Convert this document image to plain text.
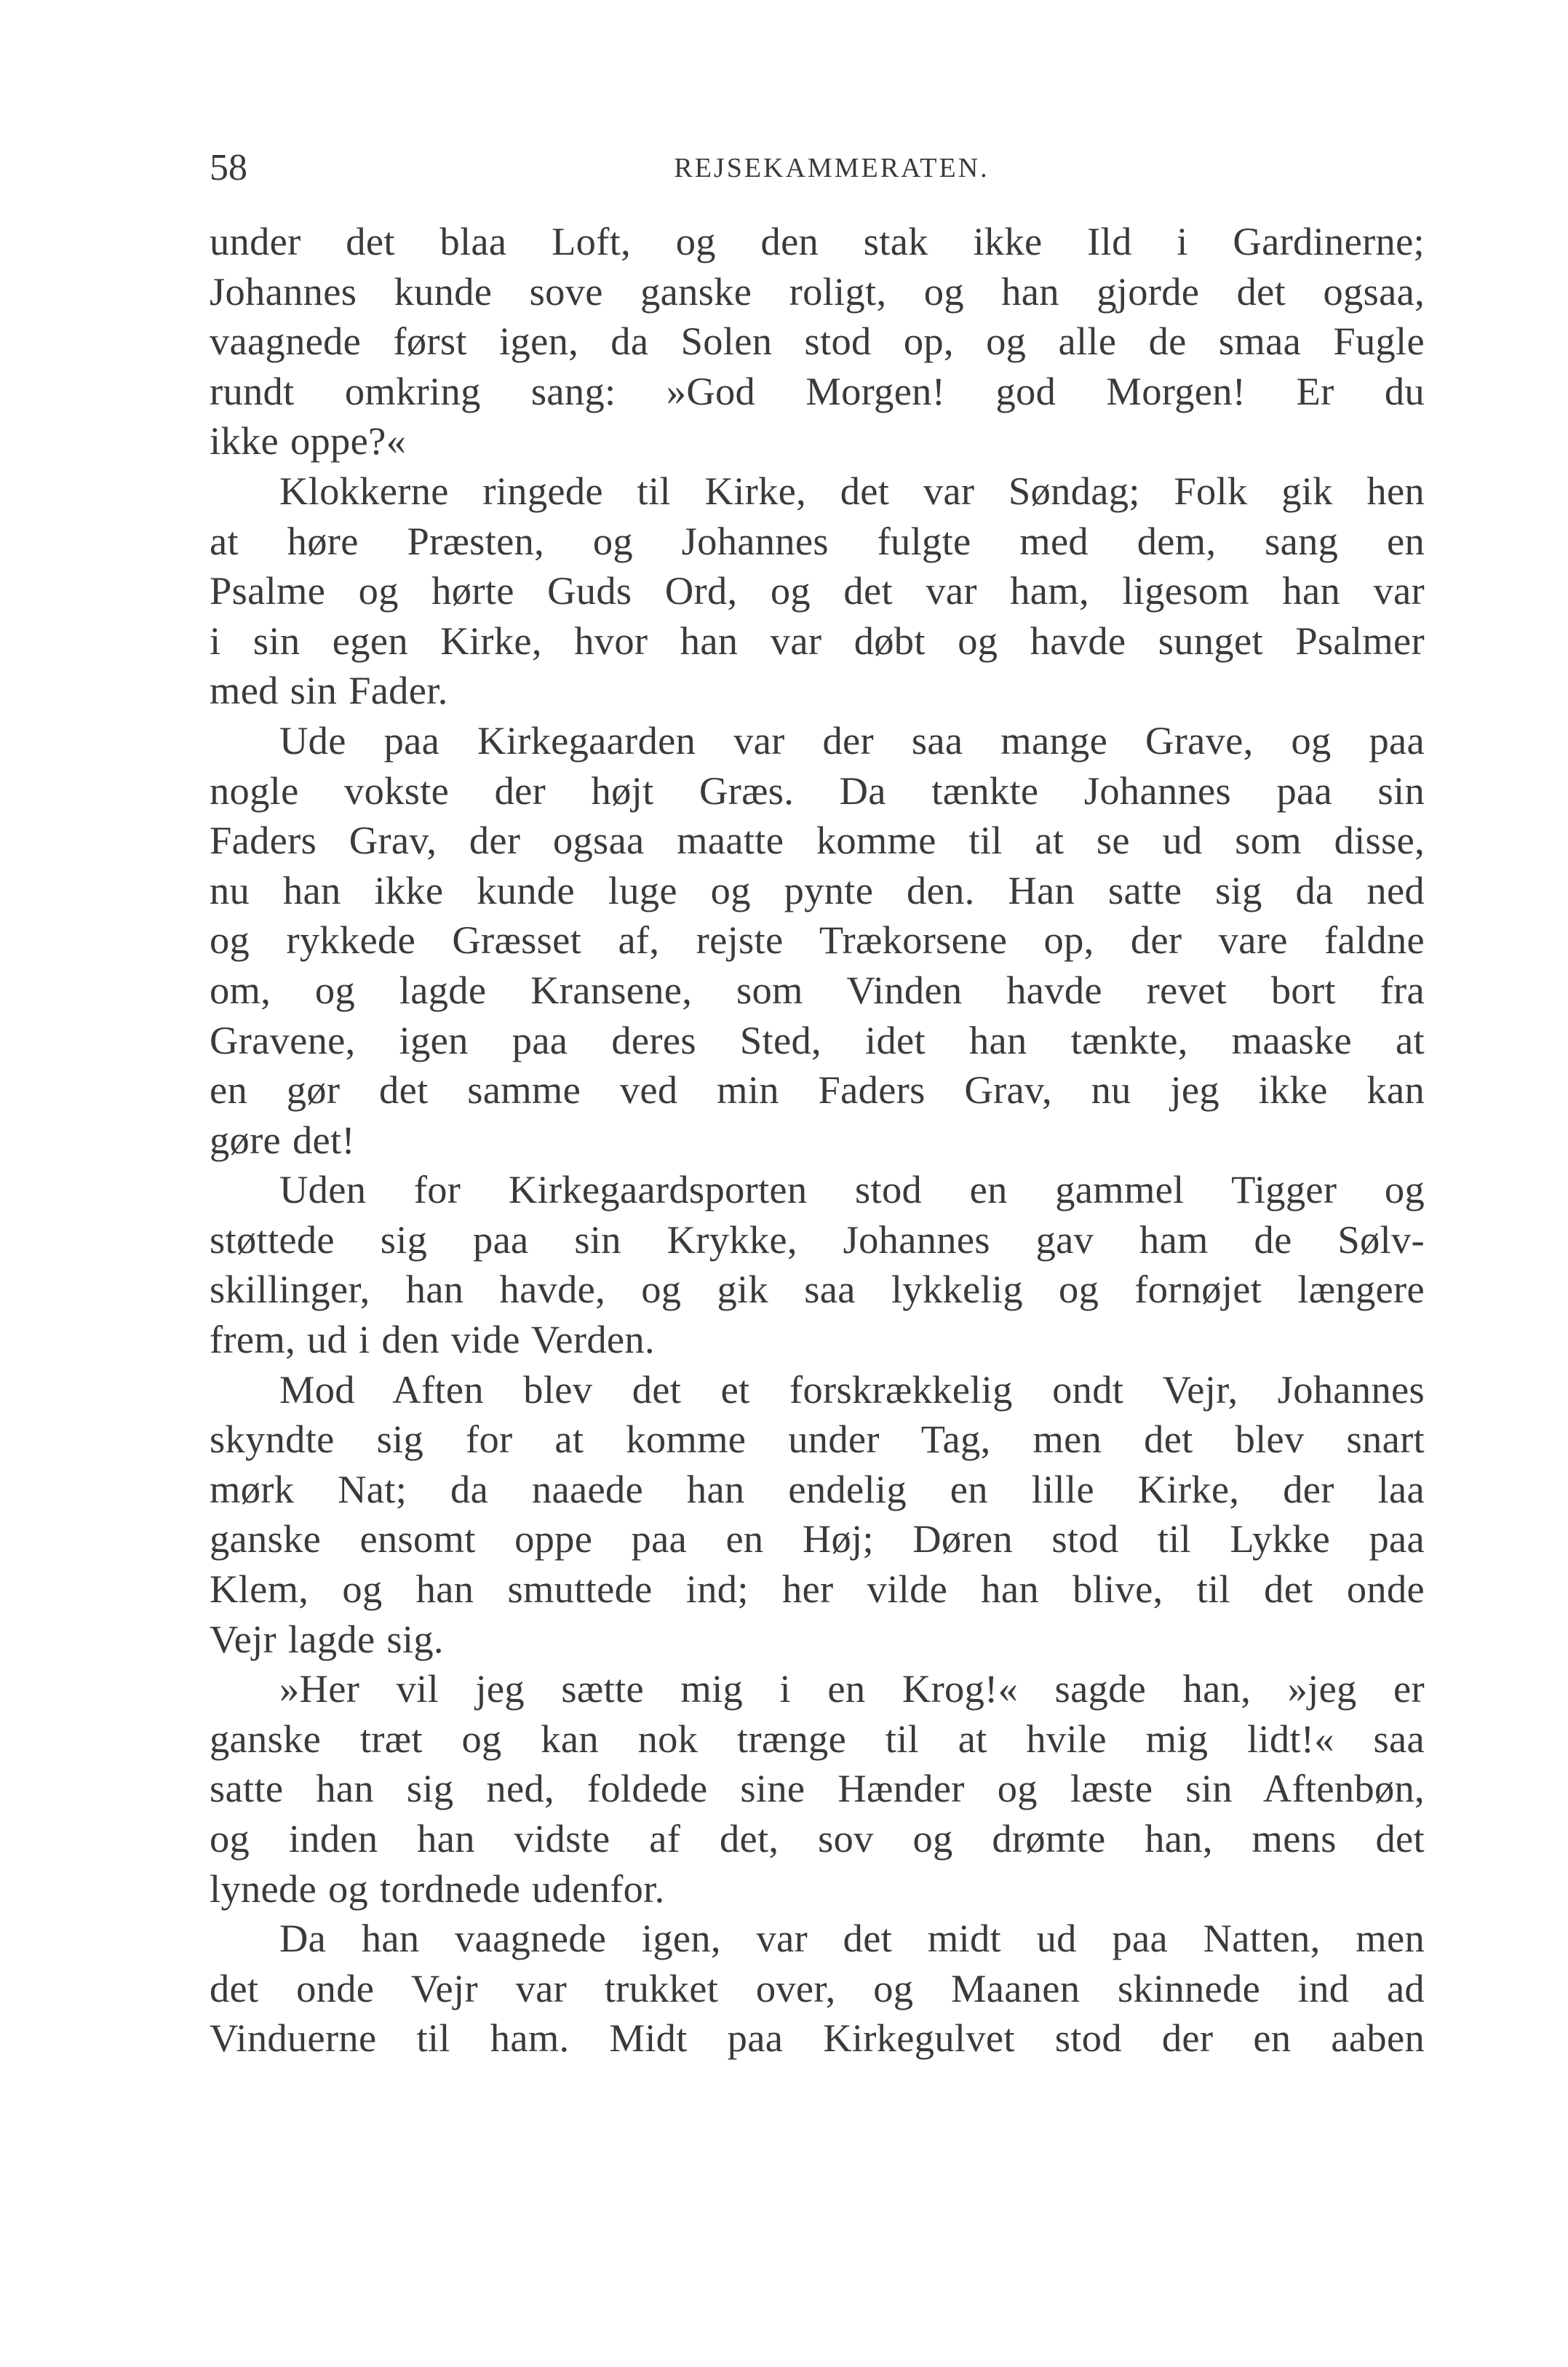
58	REJSEKAMMERATEN.
under det blaa Loft, og den stak ikke Ild i Gardinerne;
Johannes kunde sove ganske roligt, og han gjorde det ogsaa,
vaagnede først igen, da Solen stod op, og alle de smaa Fugle
rundt omkring sang: »God Morgen! god Morgen! Er du
ikke oppe?«
Klokkerne ringede til Kirke, det var Søndag; Folk gik hen
at høre Præsten, og Johannes fulgte med dem, sang en
Psalme og hørte Guds Ord, og det var ham, ligesom han var
i sin egen Kirke, hvor han var døbt og havde sunget Psalmer
med sin Fader.
Ude paa Kirkegaarden var der saa mange Grave, og paa
nogle vokste der højt Græs. Da tænkte Johannes paa sin
Faders Grav, der ogsaa maatte komme til at se ud som disse,
nu han ikke kunde luge og pynte den. Han satte sig da ned
og rykkede Græsset af, rejste Trækorsene op, der vare faldne
om, og lagde Kransene, som Vinden havde revet bort fra
Gravene, igen paa deres Sted, idet han tænkte, maaske at
en gør det samme ved min Faders Grav, nu jeg ikke kan
gøre det!
Uden for Kirkegaardsporten stod en gammel Tigger og
støttede sig paa sin Krykke, Johannes gav ham de Sølv-
skillinger, han havde, og gik saa lykkelig og fornøjet længere
frem, ud i den vide Verden.
Mod Aften blev det et forskrækkelig ondt Vejr, Johannes
skyndte sig for at komme under Tag, men det blev snart
mørk Nat; da naaede han endelig en lille Kirke, der laa
ganske ensomt oppe paa en Høj; Døren stod til Lykke paa
Klem, og han smuttede ind; her vilde han blive, til det onde
Vejr lagde sig.
»Her vil jeg sætte mig i en Krog!« sagde han, »jeg er
ganske træt og kan nok trænge til at hvile mig lidt!« saa
satte han sig ned, foldede sine Hænder og læste sin Aftenbøn,
og inden han vidste af det, sov og drømte han, mens det
lynede og tordnede udenfor.
Da han vaagnede igen, var det midt ud paa Natten, men
det onde Vejr var trukket over, og Maanen skinnede ind ad
Vinduerne til ham. Midt paa Kirkegulvet stod der en aaben
